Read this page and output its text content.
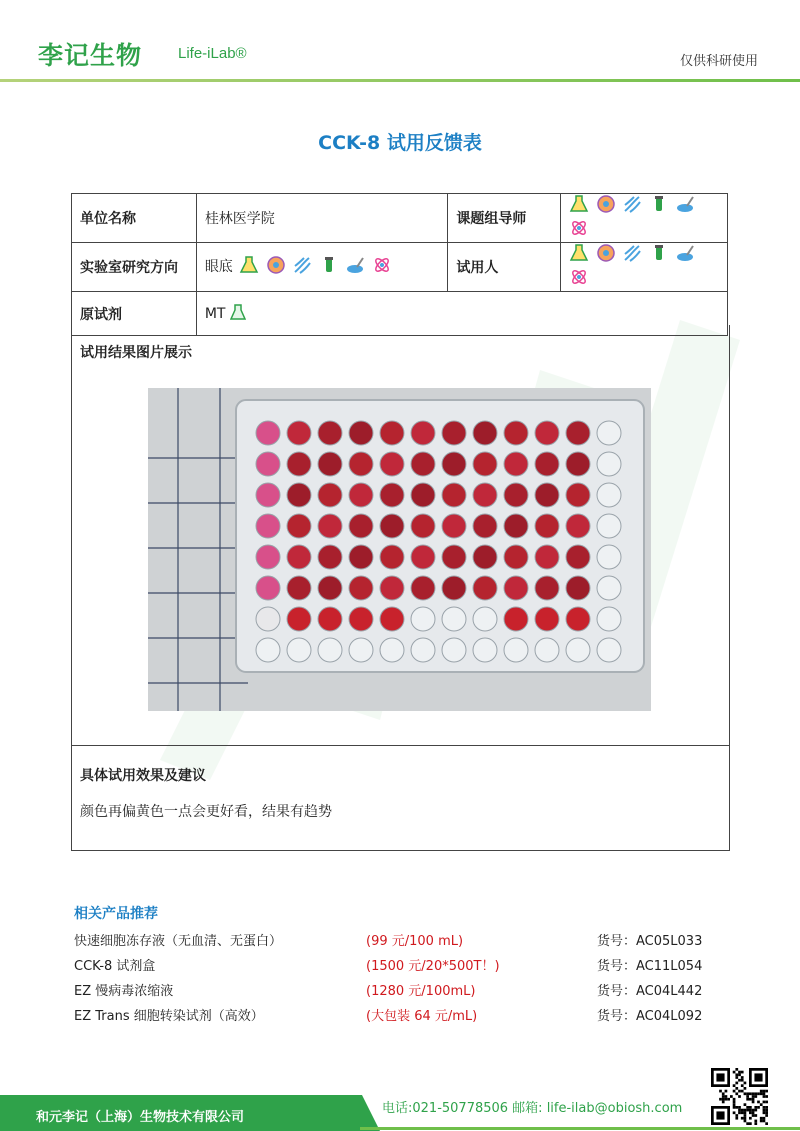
李记生物 Life-iLab®	仅供科研使用
CCK-8 试用反馈表
单位名称	桂林医学院	课题组导师	
实验室研究方向	眼底	试用人	
原试剂	MT		
试用结果图片展示
具体试用效果及建议
颜色再偏黄色一点会更好看，结果有趋势
相关产品推荐
快速细胞冻存液（无血清、无蛋白）	(99 元/100 mL)	货号：AC05L033
CCK-8 试剂盒	(1500 元/20*500T！)	货号：AC11L054
EZ 慢病毒浓缩液	(1280 元/100mL)	货号：AC04L442
EZ Trans 细胞转染试剂（高效）	(大包装 64 元/mL)	货号：AC04L092
和元李记（上海）生物技术有限公司
电话:021-50778506 邮箱: life-ilab@obiosh.com
